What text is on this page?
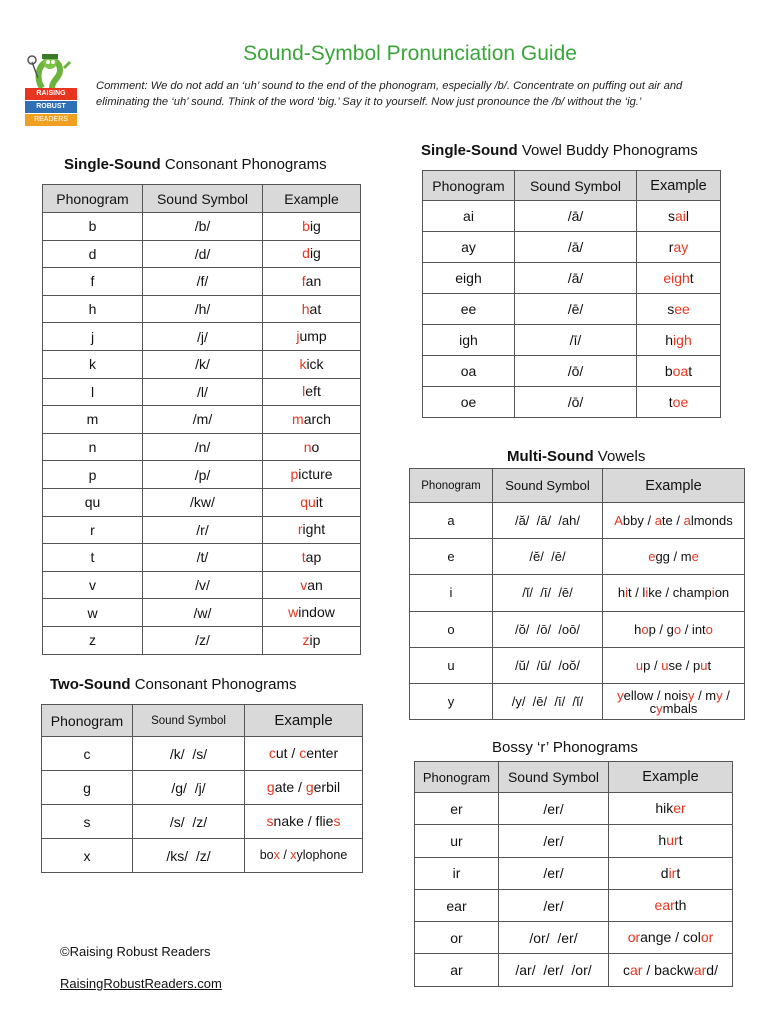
RAISING
ROBUST
READERS
Sound-Symbol Pronunciation Guide
Comment: We do not add an ‘uh’ sound to the end of the phonogram, especially /b/. Concentrate on puffing out air and eliminating the ‘uh’ sound. Think of the word ‘big.’ Say it to yourself. Now just pronounce the /b/ without the ‘ig.’
Single-Sound Consonant Phonograms
Two-Sound Consonant Phonograms
Single-Sound Vowel Buddy Phonograms
Multi-Sound Vowels
Bossy ‘r’ Phonograms
Phonogram	Sound Symbol	Example
b	/b/	big
d	/d/	dig
f	/f/	fan
h	/h/	hat
j	/j/	jump
k	/k/	kick
l	/l/	left
m	/m/	march
n	/n/	no
p	/p/	picture
qu	/kw/	quit
r	/r/	right
t	/t/	tap
v	/v/	van
w	/w/	window
z	/z/	zip
Phonogram	Sound Symbol	Example
c	/k/  /s/	cut / center
g	/g/  /j/	gate / gerbil
s	/s/  /z/	snake / flies
x	/ks/  /z/	box / xylophone
Phonogram	Sound Symbol	Example
ai	/ā/	sail
ay	/ā/	ray
eigh	/ā/	eight
ee	/ē/	see
igh	/ī/	high
oa	/ō/	boat
oe	/ō/	toe
Phonogram	Sound Symbol	Example
a	/ă/  /ā/  /ah/	Abby / ate / almonds
e	/ĕ/  /ē/	egg / me
i	/ĭ/  /ī/  /ē/	hit / like / champion
o	/ŏ/  /ō/  /oō/	hop / go / into
u	/ŭ/  /ū/  /oŏ/	up / use / put
y	/y/  /ē/  /ī/  /ĭ/	yellow / noisy / my / cymbals
Phonogram	Sound Symbol	Example
er	/er/	hiker
ur	/er/	hurt
ir	/er/	dirt
ear	/er/	earth
or	/or/  /er/	orange / color
ar	/ar/  /er/  /or/	car / backward/
©Raising Robust Readers
RaisingRobustReaders.com
